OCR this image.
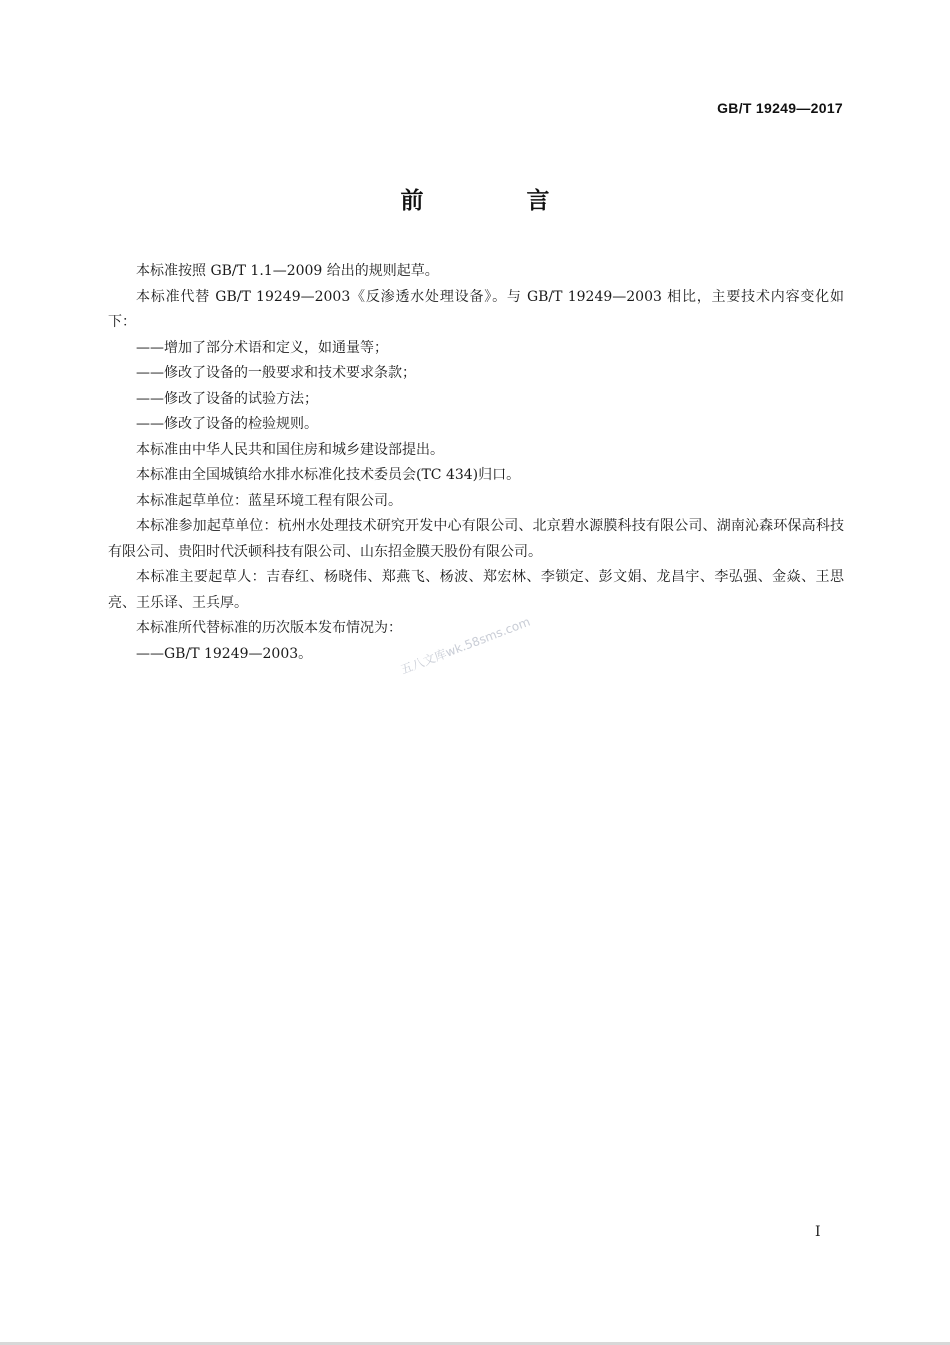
GB/T 19249—2017
前　言

本标准按照 GB/T 1.1—2009 给出的规则起草。

本标准代替 GB/T 19249—2003《反渗透水处理设备》。与 GB/T 19249—2003 相比，主要技术内容变化如下：

——增加了部分术语和定义，如通量等；

——修改了设备的一般要求和技术要求条款；

——修改了设备的试验方法；

——修改了设备的检验规则。

本标准由中华人民共和国住房和城乡建设部提出。

本标准由全国城镇给水排水标准化技术委员会(TC 434)归口。

本标准起草单位：蓝星环境工程有限公司。

本标准参加起草单位：杭州水处理技术研究开发中心有限公司、北京碧水源膜科技有限公司、湖南沁森环保高科技有限公司、贵阳时代沃顿科技有限公司、山东招金膜天股份有限公司。

本标准主要起草人：吉春红、杨晓伟、郑燕飞、杨波、郑宏林、李锁定、彭文娟、龙昌宇、李弘强、金焱、王思亮、王乐译、王兵厚。

本标准所代替标准的历次版本发布情况为：

——GB/T 19249—2003。	五八文库wk.58sms.com
I
